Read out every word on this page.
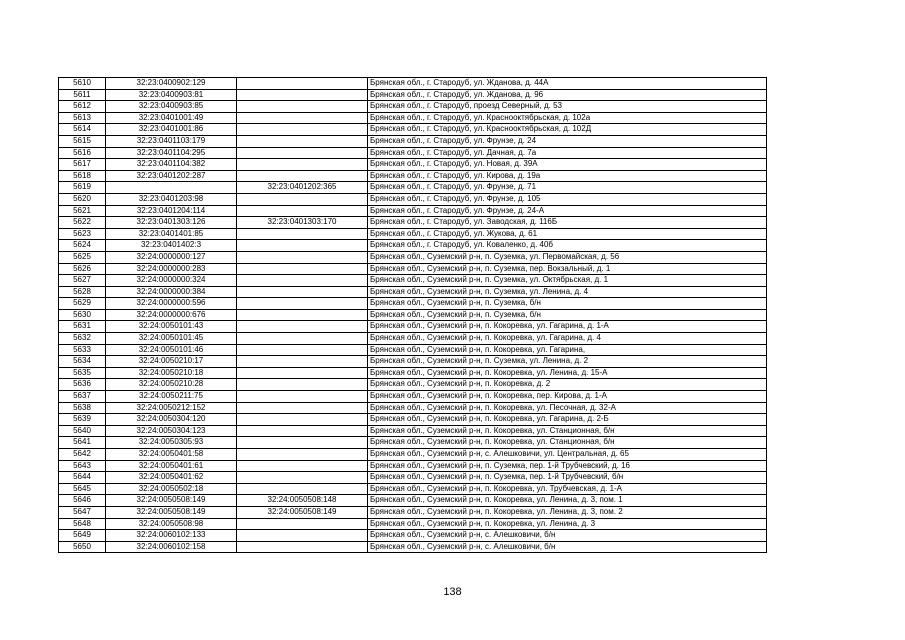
5610	32:23:0400902:129		Брянская обл., г. Стародуб, ул. Жданова, д. 44А
5611	32:23:0400903:81		Брянская обл., г. Стародуб, ул. Жданова, д. 96
5612	32:23:0400903:85		Брянская обл., г. Стародуб, проезд Северный, д. 53
5613	32:23:0401001:49		Брянская обл., г. Стародуб, ул. Краснооктябрьская, д. 102а
5614	32:23:0401001:86		Брянская обл., г. Стародуб, ул. Краснооктябрьская, д. 102Д
5615	32:23:0401103:179		Брянская обл., г. Стародуб, ул. Фрунзе, д. 24
5616	32:23:0401104:295		Брянская обл., г. Стародуб, ул. Дачная, д. 7а
5617	32:23:0401104:382		Брянская обл., г. Стародуб, ул. Новая, д. 39А
5618	32:23:0401202:287		Брянская обл., г. Стародуб, ул. Кирова, д. 19а
5619		32:23:0401202:365	Брянская обл., г. Стародуб, ул. Фрунзе, д. 71
5620	32:23:0401203:98		Брянская обл., г. Стародуб, ул. Фрунзе, д. 105
5621	32:23:0401204:114		Брянская обл., г. Стародуб, ул. Фрунзе, д. 24-А
5622	32:23:0401303:126	32:23:0401303:170	Брянская обл., г. Стародуб, ул. Заводская, д. 116Б
5623	32:23:0401401:85		Брянская обл., г. Стародуб, ул. Жукова, д. 61
5624	32:23:0401402:3		Брянская обл., г. Стародуб, ул. Коваленко, д. 40б
5625	32:24:0000000:127		Брянская обл., Суземский р-н, п. Суземка, ул. Первомайская, д. 56
5626	32:24:0000000:283		Брянская обл., Суземский р-н, п. Суземка, пер. Вокзальный, д. 1
5627	32:24:0000000:324		Брянская обл., Суземский р-н, п. Суземка, ул. Октябрьская, д. 1
5628	32:24:0000000:384		Брянская обл., Суземский р-н, п. Суземка, ул. Ленина, д. 4
5629	32:24:0000000:596		Брянская обл., Суземский р-н, п. Суземка, б/н
5630	32:24:0000000:676		Брянская обл., Суземский р-н, п. Суземка, б/н
5631	32:24:0050101:43		Брянская обл., Суземский р-н, п. Кокоревка, ул. Гагарина, д. 1-А
5632	32:24:0050101:45		Брянская обл., Суземский р-н, п. Кокоревка, ул. Гагарина, д. 4
5633	32:24:0050101:46		Брянская обл., Суземский р-н, п. Кокоревка, ул. Гагарина,
5634	32:24:0050210:17		Брянская обл., Суземский р-н, п. Суземка, ул. Ленина, д. 2
5635	32:24:0050210:18		Брянская обл., Суземский р-н, п. Кокоревка, ул. Ленина, д. 15-А
5636	32:24:0050210:28		Брянская обл., Суземский р-н, п. Кокоревка, д. 2
5637	32:24:0050211:75		Брянская обл., Суземский р-н, п. Кокоревка, пер. Кирова, д. 1-А
5638	32:24:0050212:152		Брянская обл., Суземский р-н, п. Кокоревка, ул. Песочная, д. 32-А
5639	32:24:0050304:120		Брянская обл., Суземский р-н, п. Кокоревка, ул. Гагарина, д. 2-Б
5640	32:24:0050304:123		Брянская обл., Суземский р-н, п. Кокоревка, ул. Станционная, б/н
5641	32:24:0050305:93		Брянская обл., Суземский р-н, п. Кокоревка, ул. Станционная, б/н
5642	32:24:0050401:58		Брянская обл., Суземский р-н, с. Алешковичи, ул. Центральная, д. 65
5643	32:24:0050401:61		Брянская обл., Суземский р-н, п. Суземка, пер. 1-й Трубчевский, д. 16
5644	32:24:0050401:62		Брянская обл., Суземский р-н, п. Суземка, пер. 1-й Трубчевский, б/н
5645	32:24:0050502:18		Брянская обл., Суземский р-н, п. Кокоревка, ул. Трубчевская, д. 1-А
5646	32:24:0050508:149	32:24:0050508:148	Брянская обл., Суземский р-н, п. Кокоревка, ул. Ленина, д. 3, пом. 1
5647	32:24:0050508:149	32:24:0050508:149	Брянская обл., Суземский р-н, п. Кокоревка, ул. Ленина, д. 3, пом. 2
5648	32:24:0050508:98		Брянская обл., Суземский р-н, п. Кокоревка, ул. Ленина, д. 3
5649	32:24:0060102:133		Брянская обл., Суземский р-н, с. Алешковичи, б/н
5650	32:24:0060102:158		Брянская обл., Суземский р-н, с. Алешковичи, б/н
138
